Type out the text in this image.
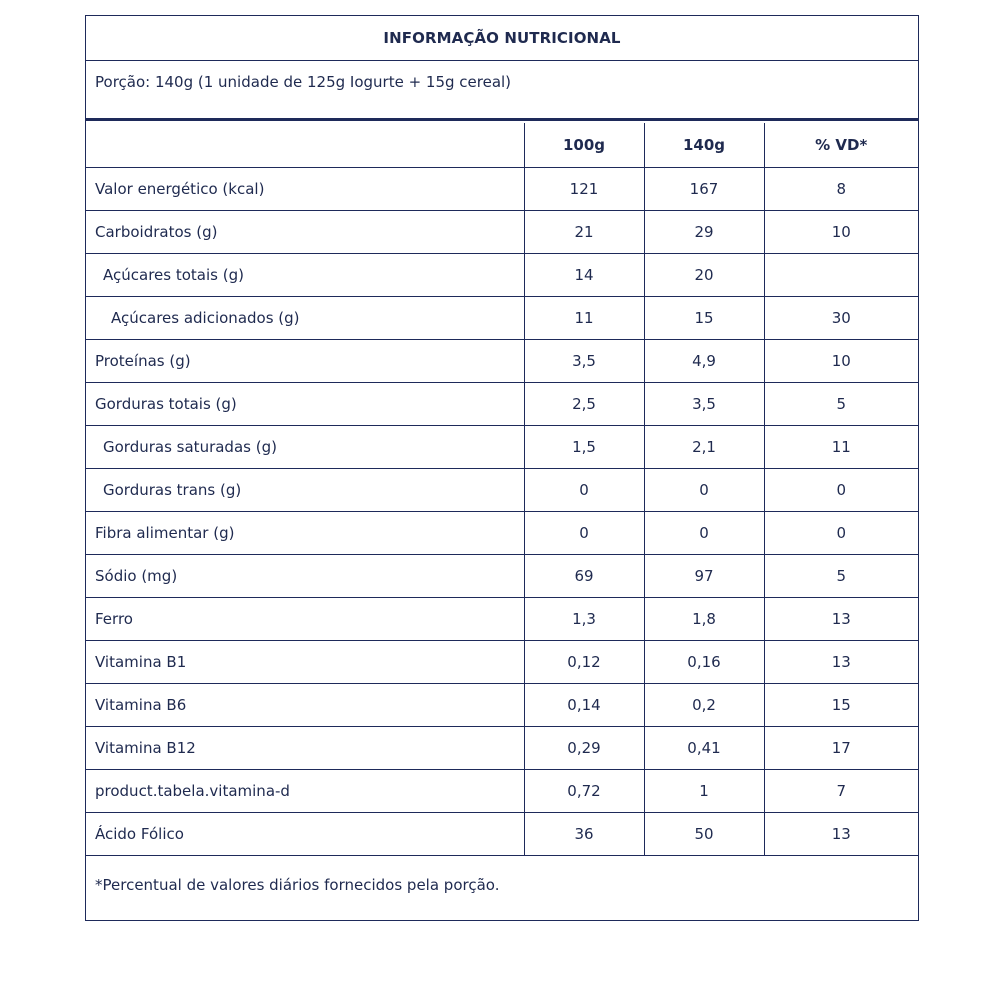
INFORMAÇÃO NUTRICIONAL
Porção: 140g (1 unidade de 125g Iogurte + 15g cereal)
	100g	140g	% VD*
Valor energético (kcal)	121	167	8
Carboidratos (g)	21	29	10
Açúcares totais (g)	14	20	
Açúcares adicionados (g)	11	15	30
Proteínas (g)	3,5	4,9	10
Gorduras totais (g)	2,5	3,5	5
Gorduras saturadas (g)	1,5	2,1	11
Gorduras trans (g)	0	0	0
Fibra alimentar (g)	0	0	0
Sódio (mg)	69	97	5
Ferro	1,3	1,8	13
Vitamina B1	0,12	0,16	13
Vitamina B6	0,14	0,2	15
Vitamina B12	0,29	0,41	17
product.tabela.vitamina-d	0,72	1	7
Ácido Fólico	36	50	13
*Percentual de valores diários fornecidos pela porção.
